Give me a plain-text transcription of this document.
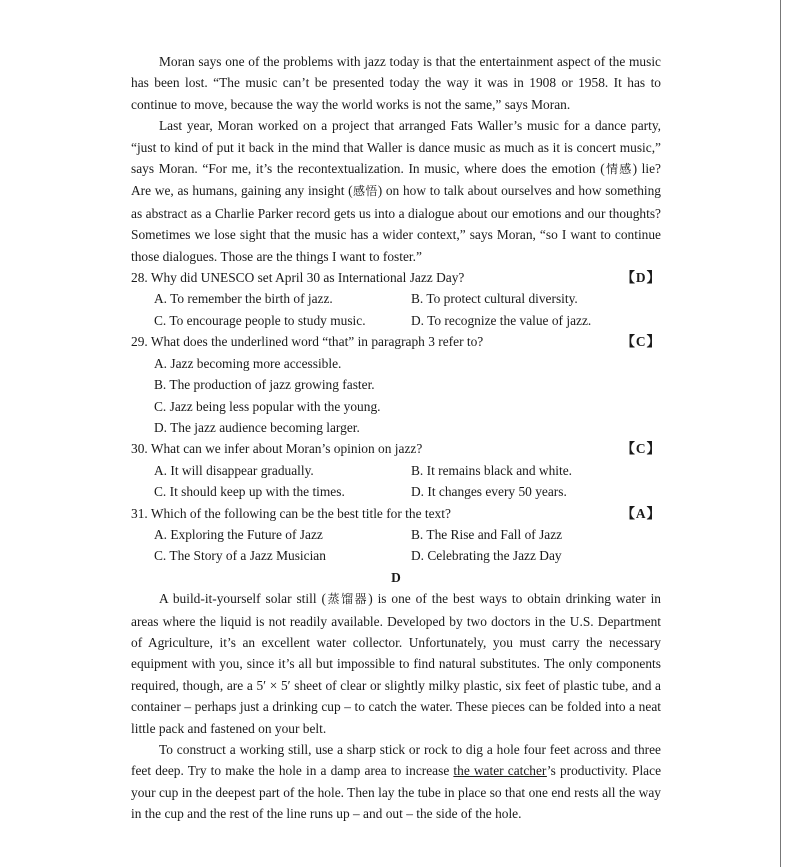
Moran says one of the problems with jazz today is that the entertainment aspect of the music has been lost. “The music can’t be presented today the way it was in 1908 or 1958. It has to continue to move, because the way the world works is not the same,” says Moran.

Last year, Moran worked on a project that arranged Fats Waller’s music for a dance party, “just to kind of put it back in the mind that Waller is dance music as much as it is concert music,” says Moran. “For me, it’s the recontextualization. In music, where does the emotion (情感) lie? Are we, as humans, gaining any insight (感悟) on how to talk about ourselves and how something as abstract as a Charlie Parker record gets us into a dialogue about our emotions and our thoughts? Sometimes we lose sight that the music has a wider context,” says Moran, “so I want to continue those dialogues. Those are the things I want to foster.”

28. Why did UNESCO set April 30 as International Jazz Day?	【D】
A. To remember the birth of jazz.	B. To protect cultural diversity.
C. To encourage people to study music.	D. To recognize the value of jazz.
29. What does the underlined word “that” in paragraph 3 refer to?	【C】
A. Jazz becoming more accessible.
B. The production of jazz growing faster.
C. Jazz being less popular with the young.
D. The jazz audience becoming larger.
30. What can we infer about Moran’s opinion on jazz?	【C】
A. It will disappear gradually.	B. It remains black and white.
C. It should keep up with the times.	D. It changes every 50 years.
31. Which of the following can be the best title for the text?	【A】
A. Exploring the Future of Jazz	B. The Rise and Fall of Jazz
C. The Story of a Jazz Musician	D. Celebrating the Jazz Day
D

A build-it-yourself solar still (蒸馏器) is one of the best ways to obtain drinking water in areas where the liquid is not readily available. Developed by two doctors in the U.S. Department of Agriculture, it’s an excellent water collector. Unfortunately, you must carry the necessary equipment with you, since it’s all but impossible to find natural substitutes. The only components required, though, are a 5′ × 5′ sheet of clear or slightly milky plastic, six feet of plastic tube, and a container – perhaps just a drinking cup – to catch the water. These pieces can be folded into a neat little pack and fastened on your belt.

To construct a working still, use a sharp stick or rock to dig a hole four feet across and three feet deep. Try to make the hole in a damp area to increase the water catcher’s productivity. Place your cup in the deepest part of the hole. Then lay the tube in place so that one end rests all the way in the cup and the rest of the line runs up – and out – the side of the hole.
